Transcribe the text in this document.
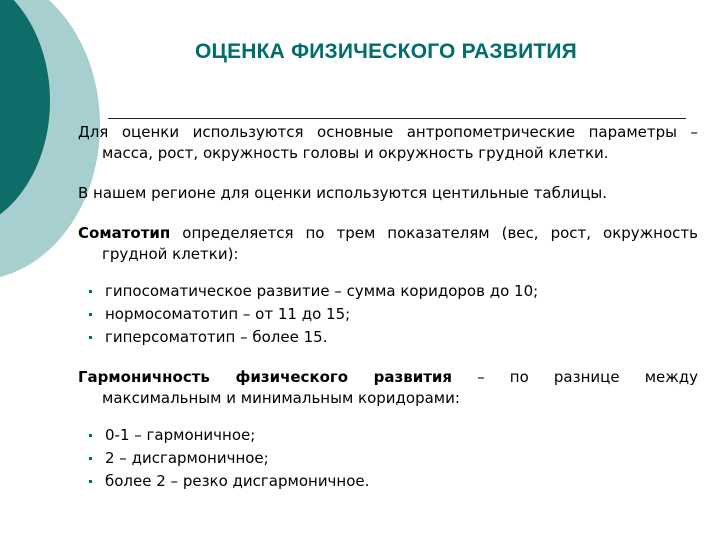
ОЦЕНКА ФИЗИЧЕСКОГО РАЗВИТИЯ

Для оценки используются основные антропометрические параметры – масса, рост, окружность головы и окружность грудной клетки.

В нашем регионе для оценки используются центильные таблицы.

Соматотип определяется по трем показателям (вес, рост, окружность грудной клетки):

гипосоматическое развитие – сумма коридоров до 10;
нормосоматотип – от 11 до 15;
гиперсоматотип – более 15.

Гармоничность физического развития – по разнице между максимальным и минимальным коридорами:

0-1 – гармоничное;
2 – дисгармоничное;
более 2 – резко дисгармоничное.
